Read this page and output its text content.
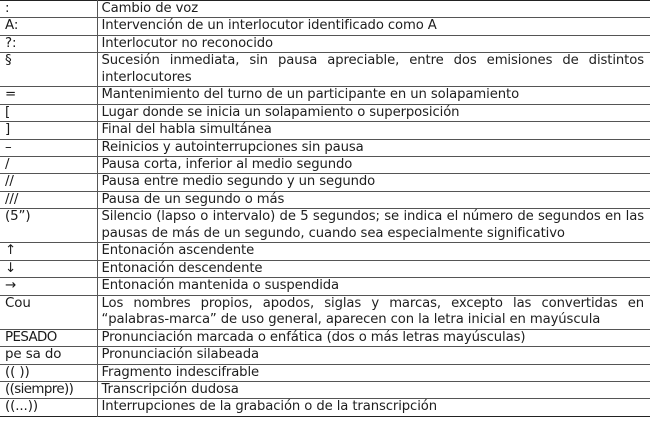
:	Cambio de voz
A:	Intervención de un interlocutor identificado como A
?:	Interlocutor no reconocido
§	Sucesión inmediata, sin pausa apreciable, entre dos emisiones de distintos interlocutores
=	Mantenimiento del turno de un participante en un solapamiento
[	Lugar donde se inicia un solapamiento o superposición
]	Final del habla simultánea
–	Reinicios y autointerrupciones sin pausa
/	Pausa corta, inferior al medio segundo
//	Pausa entre medio segundo y un segundo
///	Pausa de un segundo o más
(5”)	Silencio (lapso o intervalo) de 5 segundos; se indica el número de segundos en las pausas de más de un segundo, cuando sea especialmente significativo
↑	Entonación ascendente
↓	Entonación descendente
→	Entonación mantenida o suspendida
Cou	Los nombres propios, apodos, siglas y marcas, excepto las convertidas en “palabras-marca” de uso general, aparecen con la letra inicial en mayúscula
PESADO	Pronunciación marcada o enfática (dos o más letras mayúsculas)
pe sa do	Pronunciación silabeada
(( ))	Fragmento indescifrable
((siempre))	Transcripción dudosa
((...))	Interrupciones de la grabación o de la transcripción
